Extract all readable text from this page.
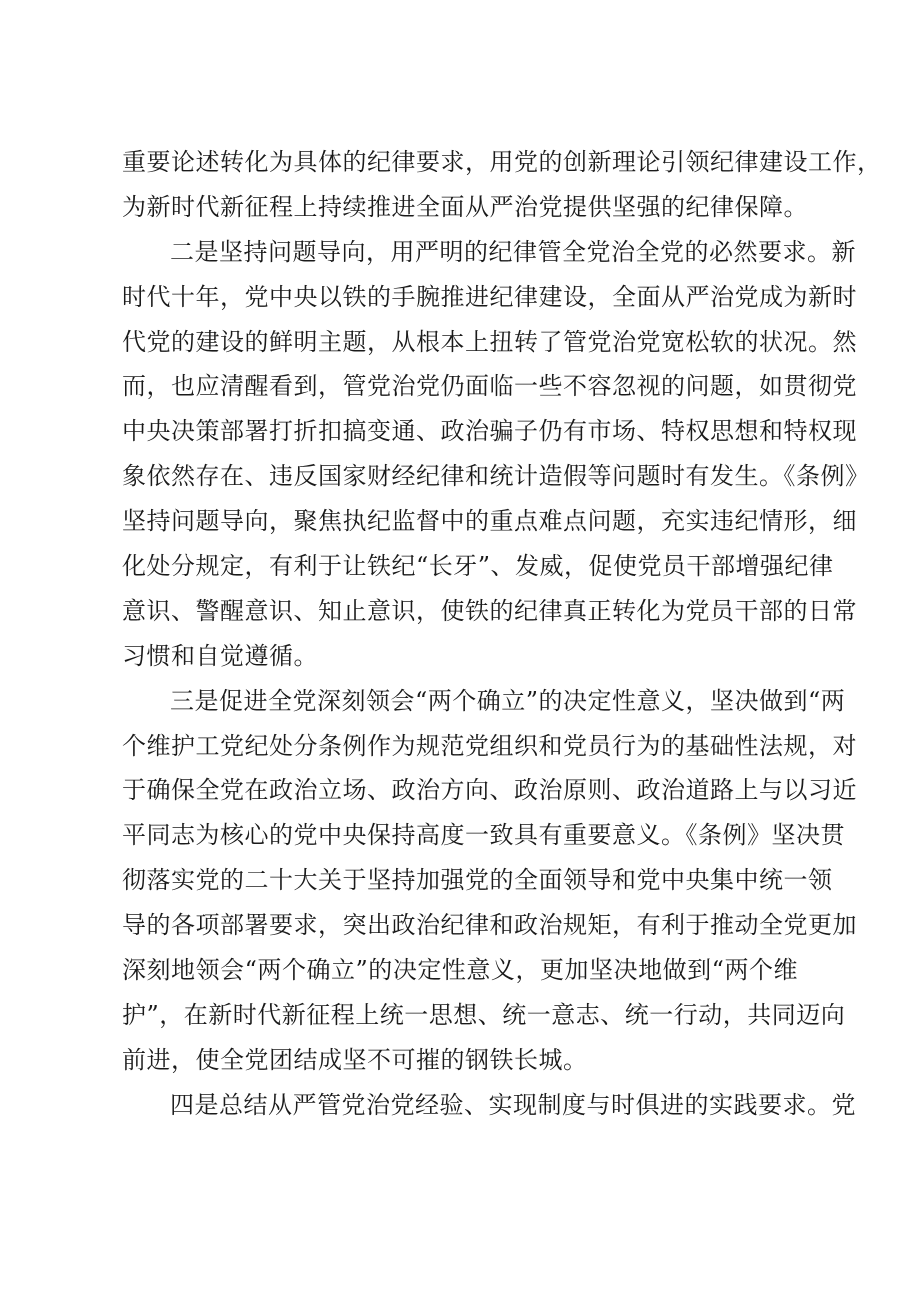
重要论述转化为具体的纪律要求，用党的创新理论引领纪律建设工作，
为新时代新征程上持续推进全面从严治党提供坚强的纪律保障。
二是坚持问题导向，用严明的纪律管全党治全党的必然要求。新
时代十年，党中央以铁的手腕推进纪律建设，全面从严治党成为新时
代党的建设的鲜明主题，从根本上扭转了管党治党宽松软的状况。然
而，也应清醒看到，管党治党仍面临一些不容忽视的问题，如贯彻党
中央决策部署打折扣搞变通、政治骗子仍有市场、特权思想和特权现
象依然存在、违反国家财经纪律和统计造假等问题时有发生。《条例》
坚持问题导向，聚焦执纪监督中的重点难点问题，充实违纪情形，细
化处分规定，有利于让铁纪“长牙”、发威，促使党员干部增强纪律
意识、警醒意识、知止意识，使铁的纪律真正转化为党员干部的日常
习惯和自觉遵循。
三是促进全党深刻领会“两个确立”的决定性意义，坚决做到“两
个维护工党纪处分条例作为规范党组织和党员行为的基础性法规，对
于确保全党在政治立场、政治方向、政治原则、政治道路上与以习近
平同志为核心的党中央保持高度一致具有重要意义。《条例》坚决贯
彻落实党的二十大关于坚持加强党的全面领导和党中央集中统一领
导的各项部署要求，突出政治纪律和政治规矩，有利于推动全党更加
深刻地领会“两个确立”的决定性意义，更加坚决地做到“两个维
护”，在新时代新征程上统一思想、统一意志、统一行动，共同迈向
前进，使全党团结成坚不可摧的钢铁长城。
四是总结从严管党治党经验、实现制度与时俱进的实践要求。党
